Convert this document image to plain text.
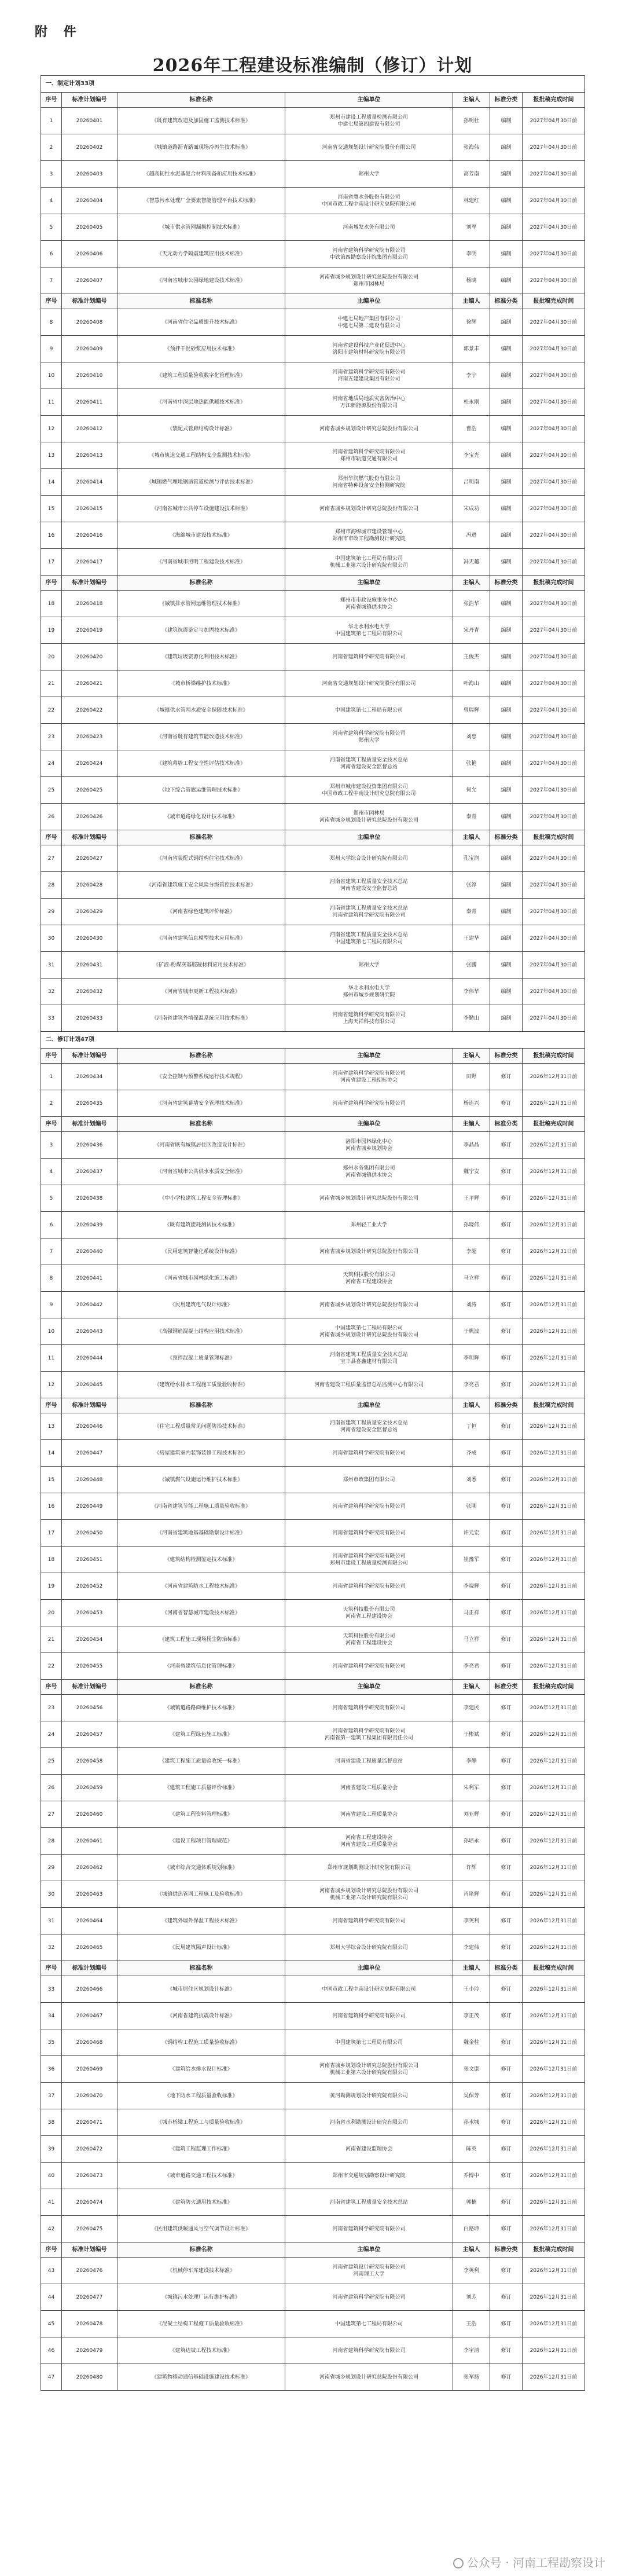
附 件
2026年工程建设标准编制（修订）计划
一、制定计划33项						
序号	标准计划编号	标准名称	主编单位	主编人	标准分类	报批稿完成时间
1	20260401	《既有建筑改造及加固施工监测技术标准》	郑州市建设工程质量检测有限公司
中建七局第四建设有限公司	孙明杜	编制	2027年04月30日前
2	20260402	《城镇道路沥青路面现场冷再生技术标准》	河南省交通规划设计研究院股份有限公司	张海伟	编制	2027年04月30日前
3	20260403	《超高韧性水泥基复合材料制备和应用技术标准》	郑州大学	高芳南	编制	2027年04月30日前
4	20260404	《智慧污水处理厂全要素智能管理平台技术标准》	河南省慧水务股份有限公司
中国市政工程中南设计研究总院有限公司	林建红	编制	2027年04月30日前
5	20260405	《城市供水管网漏损控制技术标准》	河南城发水务有限公司	刘军	编制	2027年04月30日前
6	20260406	《天元动力学隔震建筑应用技术标准》	河南省建筑科学研究院有限公司
中铁第四勘察设计院集团有限公司	李明	编制	2027年04月30日前
7	20260407	《河南省城市公园绿地建设技术标准》	河南省城乡规划设计研究总院股份有限公司
郑州市园林局	杨晓	编制	2027年04月30日前
序号	标准计划编号	标准名称	主编单位	主编人	标准分类	报批稿完成时间
8	20260408	《河南省住宅品质提升技术标准》	中建七局地产集团有限公司
中建七局第二建设有限公司	徐辉	编制	2027年04月30日前
9	20260409	《预拌干混砂浆应用技术标准》	河南省建设科技产业化促进中心
洛阳市建筑材料研究院有限公司	郭景丰	编制	2027年04月30日前
10	20260410	《建筑工程质量验收数字化管理标准》	河南省建筑科学研究院有限公司
河南五建建设集团有限公司	李宁	编制	2027年04月30日前
11	20260411	《河南省中深层地热能供暖技术标准》	河南省地质局地质灾害防治中心
万江新能源股份有限公司	杜永刚	编制	2027年04月30日前
12	20260412	《装配式管廊结构设计标准》	河南省城乡规划设计研究总院股份有限公司	曹浩	编制	2027年04月30日前
13	20260413	《城市轨道交通工程结构安全监测技术标准》	河南省建筑科学研究院有限公司
郑州市轨道交通有限公司	李宝光	编制	2027年04月30日前
14	20260414	《城镇燃气埋地钢质管道检测与评估技术标准》	郑州华润燃气股份有限公司
河南省特种设备安全检测研究院	吕明南	编制	2027年04月30日前
15	20260415	《河南省城市公共停车设施建设技术标准》	河南省城乡规划设计研究总院股份有限公司	宋成功	编制	2027年04月30日前
16	20260416	《海绵城市建设技术标准》	郑州市海绵城市建设管理中心
郑州市市政工程勘测设计研究院	冯进	编制	2027年04月30日前
17	20260417	《河南省城市照明工程建设技术标准》	中国建筑第七工程局有限公司
机械工业第六设计研究院有限公司	冯天越	编制	2027年04月30日前
序号	标准计划编号	标准名称	主编单位	主编人	标准分类	报批稿完成时间
18	20260418	《城镇排水管网运维管理技术标准》	郑州市市政设施事务中心
河南省城镇供水协会	张浩华	编制	2027年04月30日前
19	20260419	《建筑抗震鉴定与加固技术标准》	华北水利水电大学
中国建筑第七工程局有限公司	宋丹青	编制	2027年04月30日前
20	20260420	《建筑垃圾资源化利用技术标准》	河南省建筑科学研究院有限公司	王俊杰	编制	2027年04月30日前
21	20260421	《城市桥梁维护技术标准》	河南省交通规划设计研究院股份有限公司	叶海山	编制	2027年04月30日前
22	20260422	《城镇供水管网水质安全保障技术标准》	中国建筑第七工程局有限公司	曾瑞辉	编制	2027年04月30日前
23	20260423	《河南省既有建筑节能改造技术标准》	河南省建筑科学研究院有限公司
郑州大学	刘忠	编制	2027年04月30日前
24	20260424	《建筑幕墙工程安全性评估技术标准》	河南省建筑工程质量安全技术总站
河南省建设安全监督总站	张艳	编制	2027年04月30日前
25	20260425	《地下综合管廊运维管理技术标准》	郑州市城市建设投资集团有限公司
中国市政工程中南设计研究总院有限公司	何允	编制	2027年04月30日前
26	20260426	《城市道路绿化设计技术标准》	郑州市园林局
河南省城乡规划设计研究总院股份有限公司	秦青	编制	2027年04月30日前
序号	标准计划编号	标准名称	主编单位	主编人	标准分类	报批稿完成时间
27	20260427	《河南省装配式钢结构住宅技术标准》	郑州大学综合设计研究院有限公司	孔宝润	编制	2027年04月30日前
28	20260428	《河南省建筑施工安全风险分级管控技术标准》	河南省建筑工程质量安全技术总站
河南省建设安全监督总站	张淳	编制	2027年04月30日前
29	20260429	《河南省绿色建筑评价标准》	河南省建筑工程质量安全技术总站
河南省建筑科学研究院有限公司	秦青	编制	2027年04月30日前
30	20260430	《河南省建筑信息模型技术应用标准》	河南省建筑工程质量安全技术总站
中国建筑第七工程局有限公司	王建华	编制	2027年04月30日前
31	20260431	《矿渣-粉煤灰基胶凝材料应用技术标准》	郑州大学	张鹏	编制	2027年04月30日前
32	20260432	《河南省城市更新工程技术标准》	华北水利水电大学
郑州市城乡规划研究院	李伟华	编制	2027年04月30日前
33	20260433	《河南省建筑外墙保温系统应用技术标准》	河南省建筑科学研究院有限公司
上海天祥科技有限公司	李勤山	编制	2027年04月30日前
二、修订计划47项						
序号	标准计划编号	标准名称	主编单位	主编人	标准分类	报批稿完成时间
1	20260434	《安全控制与预警系统运行技术规程》	河南省建筑科学研究院有限公司
河南省建设工程招标协会	田野	修订	2026年12月31日前
2	20260435	《河南省建筑幕墙安全管理技术标准》	河南省建筑科学研究院有限公司	杨连兴	修订	2026年12月31日前
序号	标准计划编号	标准名称	主编单位	主编人	标准分类	报批稿完成时间
3	20260436	《河南省既有城镇居住区改造设计标准》	洛阳市园林绿化中心
河南省城乡规划协会	李晶晶	修订	2026年12月31日前
4	20260437	《河南省城市公共供水水质安全标准》	郑州水务集团有限公司
河南省城镇供水协会	魏宁安	修订	2026年12月31日前
5	20260438	《中小学校建筑工程安全管理标准》	河南省城乡规划设计研究总院股份有限公司	王平辉	修订	2026年12月31日前
6	20260439	《既有建筑能耗测试技术标准》	郑州轻工业大学	孙晓伟	修订	2026年12月31日前
7	20260440	《民用建筑智能化系统设计标准》	河南省城乡规划设计研究总院股份有限公司	李超	修订	2026年12月31日前
8	20260441	《河南省城市园林绿化施工标准》	天筑科技股份有限公司
河南省工程建设协会	马立祥	修订	2026年12月31日前
9	20260442	《民用建筑电气设计标准》	河南省城乡规划设计研究总院股份有限公司	刘涛	修订	2026年12月31日前
10	20260443	《高强钢筋混凝土结构应用技术标准》	中国建筑第七工程局有限公司
河南省城乡规划设计研究总院股份有限公司	于帆波	修订	2026年12月31日前
11	20260444	《预拌混凝土质量管理标准》	河南省建筑工程质量安全技术总站
宝丰县喜鑫建材有限公司	李明辉	修订	2026年12月31日前
12	20260445	《建筑给水排水工程施工质量验收标准》	河南省建设工程质量监督总站监测中心有限公司	李亮君	修订	2026年12月31日前
序号	标准计划编号	标准名称	主编单位	主编人	标准分类	报批稿完成时间
13	20260446	《住宅工程质量常见问题防治技术标准》	河南省建筑工程质量安全技术总站
河南省建设安全监督总站	丁恒	修订	2026年12月31日前
14	20260447	《房屋建筑室内装饰装修工程技术标准》	河南省建筑科学研究院有限公司	齐成	修订	2026年12月31日前
15	20260448	《城镇燃气设施运行维护技术标准》	郑州市政集团有限公司	刘悉	修订	2026年12月31日前
16	20260449	《河南省建筑节能工程施工质量验收标准》	河南省建筑科学研究院有限公司	张刚	修订	2026年12月31日前
17	20260450	《河南省建筑地基基础勘察设计标准》	河南省建筑科学研究院有限公司	许元宏	修订	2026年12月31日前
18	20260451	《建筑结构检测鉴定技术标准》	河南省建筑科学研究院有限公司
郑州市建设工程质量检测有限公司	崔豫军	修订	2026年12月31日前
19	20260452	《河南省建筑防水工程技术标准》	河南省建筑科学研究院有限公司	李晓辉	修订	2026年12月31日前
20	20260453	《河南省智慧城市建设技术标准》	天筑科技股份有限公司
河南省工程建设协会	马正祥	修订	2026年12月31日前
21	20260454	《建筑工程施工现场扬尘防治标准》	天筑科技股份有限公司
河南省工程建设协会	马立祥	修订	2026年12月31日前
22	20260455	《河南省建筑信息化管理标准》	河南省建筑科学研究院有限公司	李亮君	修订	2026年12月31日前
序号	标准计划编号	标准名称	主编单位	主编人	标准分类	报批稿完成时间
23	20260456	《城镇道路路面维护技术标准》	河南省建筑科学研究院有限公司	李建民	修订	2026年12月31日前
24	20260457	《建筑工程绿色施工标准》	河南省建筑科学研究院有限公司
河南省第一建筑工程集团有限责任公司	于彬斌	修订	2026年12月31日前
25	20260458	《建筑工程施工质量验收统一标准》	河南省建设工程质量监督总站	李静	修订	2026年12月31日前
26	20260459	《建筑工程施工质量评价标准》	河南省建设工程质量协会	朱利军	修订	2026年12月31日前
27	20260460	《建筑工程资料管理标准》	河南省建设工程质量协会	刘亚辉	修订	2026年12月31日前
28	20260461	《建设工程项目管理规范》	河南省工程建设协会
河南省建设工程质量协会	孙培永	修订	2026年12月31日前
29	20260462	《城市综合交通体系规划标准》	郑州市规划勘测设计研究院有限公司	许辉	修订	2026年12月31日前
30	20260463	《城镇供热管网工程施工及验收标准》	河南省城乡规划设计研究总院股份有限公司
机械工业第六设计研究院有限公司	肖艳辉	修订	2026年12月31日前
31	20260464	《建筑外墙外保温工程技术标准》	河南省建筑科学研究院有限公司	李英利	修订	2026年12月31日前
32	20260465	《民用建筑隔声设计标准》	郑州大学综合设计研究院有限公司	李建伟	修订	2026年12月31日前
序号	标准计划编号	标准名称	主编单位	主编人	标准分类	报批稿完成时间
33	20260466	《城市居住区规划设计标准》	中国市政工程中南设计研究总院有限公司	王小玲	修订	2026年12月31日前
34	20260467	《河南省建筑抗震设计标准》	河南省建筑科学研究院有限公司	李正茂	修订	2026年12月31日前
35	20260468	《钢结构工程施工质量验收标准》	中国建筑第七工程局有限公司	魏金柱	修订	2026年12月31日前
36	20260469	《建筑给水排水设计标准》	河南省城乡规划设计研究总院股份有限公司
机械工业第六设计研究院有限公司	张文康	修订	2026年12月31日前
37	20260470	《地下防水工程质量验收标准》	黄河勘测规划设计研究院有限公司	吴保芳	修订	2026年12月31日前
38	20260471	《城市桥梁工程施工与质量验收标准》	河南省水利勘测设计研究有限公司	孙水城	修订	2026年12月31日前
39	20260472	《建筑工程监理工作标准》	河南省建设监理协会	陈英	修订	2026年12月31日前
40	20260473	《城市道路交通工程技术标准》	郑州市交通规划勘察设计研究院	乔博中	修订	2026年12月31日前
41	20260474	《建筑防火通用技术标准》	河南省建筑工程质量安全技术总站	郭楠	修订	2026年12月31日前
42	20260475	《民用建筑供暖通风与空气调节设计标准》	河南省建筑科学研究院有限公司	白路坤	修订	2026年12月31日前
序号	标准计划编号	标准名称	主编单位	主编人	标准分类	报批稿完成时间
43	20260476	《机械停车库建设技术标准》	河南省建筑设计研究院有限公司
河南理工大学	李英利	修订	2026年12月31日前
44	20260477	《城镇污水处理厂运行维护标准》	河南省建筑科学研究院有限公司	刘芳	修订	2026年12月31日前
45	20260478	《混凝土结构工程施工质量验收标准》	中国建筑第七工程局有限公司	王浩	修订	2026年12月31日前
46	20260479	《建筑边坡工程技术标准》	河南省建筑科学研究院有限公司	李宇清	修订	2026年12月31日前
47	20260480	《建筑物移动通信基础设施建设技术标准》	河南省城乡规划设计研究总院股份有限公司	张军扬	修订	2026年12月31日前
公众号 · 河南工程勘察设计
